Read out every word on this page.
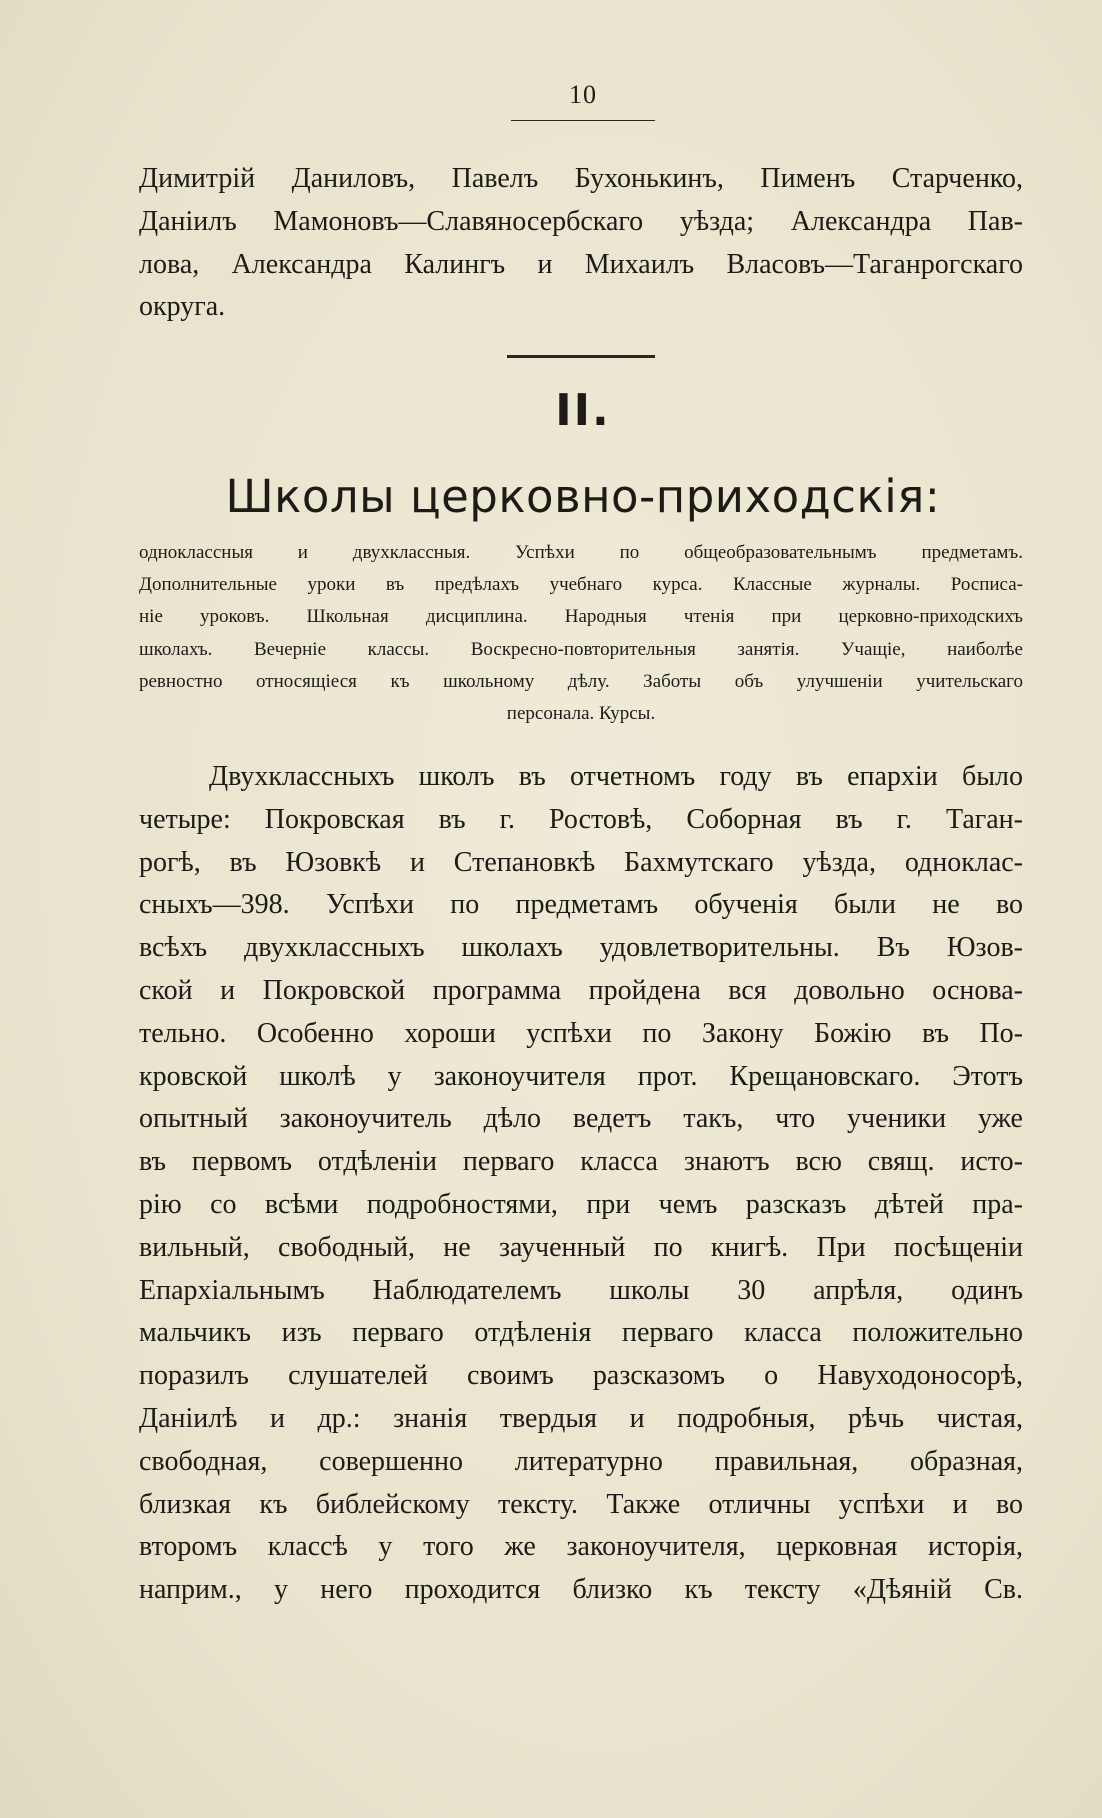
10
Димитрій Даниловъ, Павелъ Бухонькинъ, Пименъ Старченко,
Даніилъ Мамоновъ—Славяносербскаго уѣзда; Александра Пав-
лова, Александра Калингъ и Михаилъ Власовъ—Таганрогскаго
округа.
II.
Школы церковно-приходскія:
одноклассныя и двухклассныя. Успѣхи по общеобразовательнымъ предметамъ.
Дополнительные уроки въ предѣлахъ учебнаго курса. Классные журналы. Росписа-
ніе уроковъ. Школьная дисциплина. Народныя чтенія при церковно-приходскихъ
школахъ. Вечерніе классы. Воскресно-повторительныя занятія. Учащіе, наиболѣе
ревностно относящіеся къ школьному дѣлу. Заботы объ улучшеніи учительскаго
персонала. Курсы.
Двухклассныхъ школъ въ отчетномъ году въ епархіи было
четыре: Покровская въ г. Ростовѣ, Соборная въ г. Таган-
рогѣ, въ Юзовкѣ и Степановкѣ Бахмутскаго уѣзда, одноклас-
сныхъ—398. Успѣхи по предметамъ обученія были не во
всѣхъ двухклассныхъ школахъ удовлетворительны. Въ Юзов-
ской и Покровской программа пройдена вся довольно основа-
тельно. Особенно хороши успѣхи по Закону Божію въ По-
кровской школѣ у законоучителя прот. Крещановскаго. Этотъ
опытный законоучитель дѣло ведетъ такъ, что ученики уже
въ первомъ отдѣленіи перваго класса знаютъ всю свящ. исто-
рію со всѣми подробностями, при чемъ разсказъ дѣтей пра-
вильный, свободный, не заученный по книгѣ. При посѣщеніи
Епархіальнымъ Наблюдателемъ школы 30 апрѣля, одинъ
мальчикъ изъ перваго отдѣленія перваго класса положительно
поразилъ слушателей своимъ разсказомъ о Навуходоносорѣ,
Даніилѣ и др.: знанія твердыя и подробныя, рѣчь чистая,
свободная, совершенно литературно правильная, образная,
близкая къ библейскому тексту. Также отличны успѣхи и во
второмъ классѣ у того же законоучителя, церковная исторія,
наприм., у него проходится близко къ тексту «Дѣяній Св.
